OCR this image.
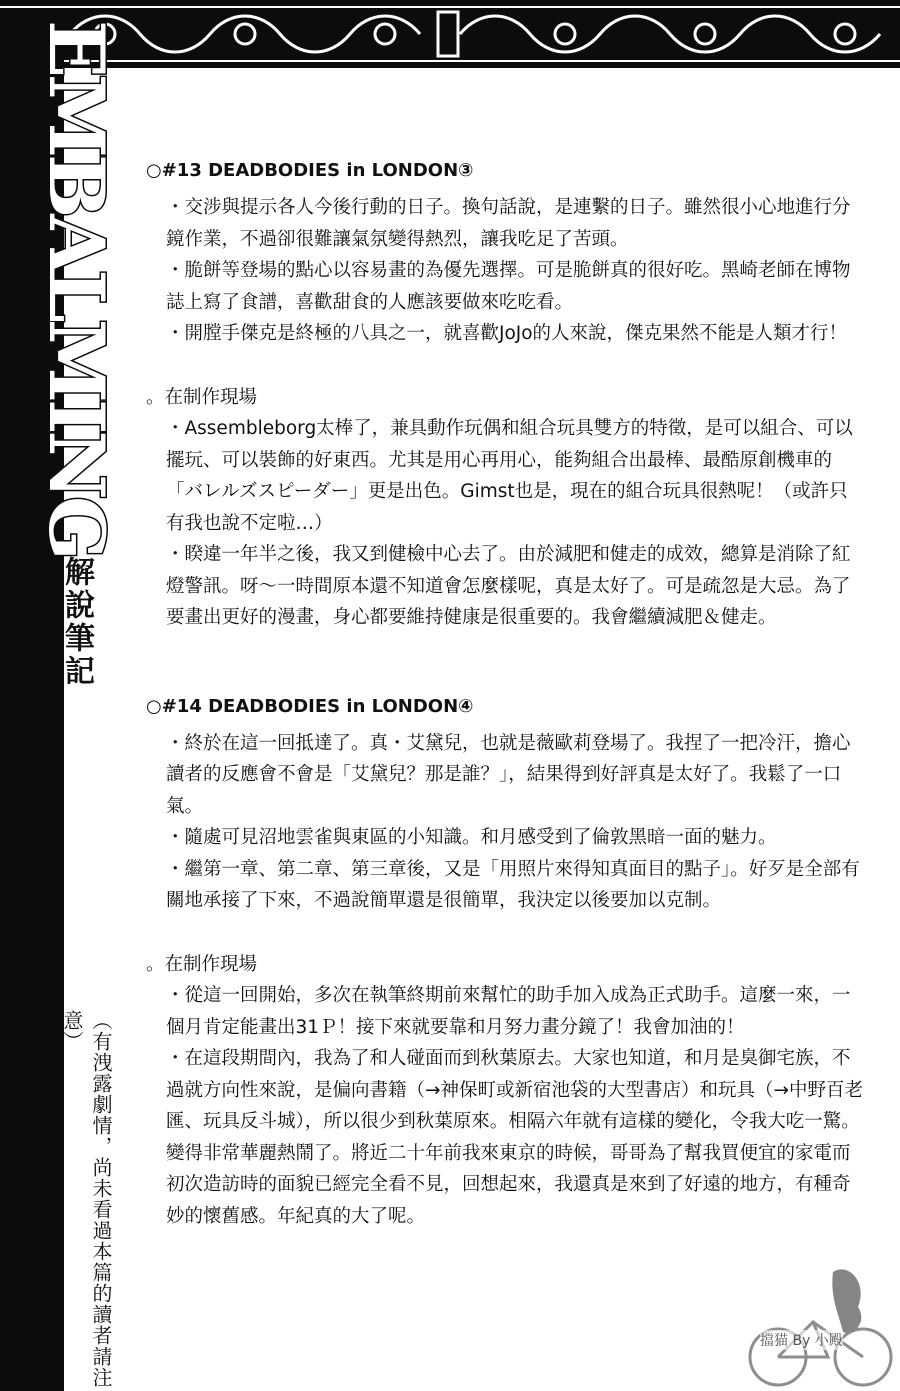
EMBALMING
解說筆記
（有洩露劇情，尚未看過本篇的讀者請注意）
○#13 DEADBODIES in LONDON③
・交涉與提示各人今後行動的日子。換句話說，是連繫的日子。雖然很小心地進行分鏡作業，不過卻很難讓氣氛變得熱烈，讓我吃足了苦頭。
・脆餅等登場的點心以容易畫的為優先選擇。可是脆餅真的很好吃。黑崎老師在博物誌上寫了食譜，喜歡甜食的人應該要做來吃吃看。
・開膛手傑克是終極的八具之一，就喜歡JoJo的人來說，傑克果然不能是人類才行！
。在制作現場
・Assembleborg太棒了，兼具動作玩偶和組合玩具雙方的特徵，是可以組合、可以擺玩、可以裝飾的好東西。尤其是用心再用心，能夠組合出最棒、最酷原創機車的「バレルズスピーダー」更是出色。Gimst也是，現在的組合玩具很熱呢！（或許只有我也說不定啦…）
・睽違一年半之後，我又到健檢中心去了。由於減肥和健走的成效，總算是消除了紅燈警訊。呀～一時間原本還不知道會怎麼樣呢，真是太好了。可是疏忽是大忌。為了要畫出更好的漫畫，身心都要維持健康是很重要的。我會繼續減肥＆健走。
○#14 DEADBODIES in LONDON④
・終於在這一回抵達了。真・艾黛兒，也就是薇歐莉登場了。我捏了一把冷汗，擔心讀者的反應會不會是「艾黛兒？那是誰？」，結果得到好評真是太好了。我鬆了一口氣。
・隨處可見沼地雲雀與東區的小知識。和月感受到了倫敦黑暗一面的魅力。
・繼第一章、第二章、第三章後，又是「用照片來得知真面目的點子」。好歹是全部有關地承接了下來，不過說簡單還是很簡單，我決定以後要加以克制。
。在制作現場
・從這一回開始，多次在執筆終期前來幫忙的助手加入成為正式助手。這麼一來，一個月肯定能畫出31Ｐ！接下來就要靠和月努力畫分鏡了！我會加油的！
・在這段期間內，我為了和人碰面而到秋葉原去。大家也知道，和月是臭御宅族，不過就方向性來說，是偏向書籍（→神保町或新宿池袋的大型書店）和玩具（→中野百老匯、玩具反斗城），所以很少到秋葉原來。相隔六年就有這樣的變化，令我大吃一驚。變得非常華麗熱鬧了。將近二十年前我來東京的時候，哥哥為了幫我買便宜的家電而初次造訪時的面貌已經完全看不見，回想起來，我還真是來到了好遠的地方，有種奇妙的懷舊感。年紀真的大了呢。
擋猫 By 小殿
